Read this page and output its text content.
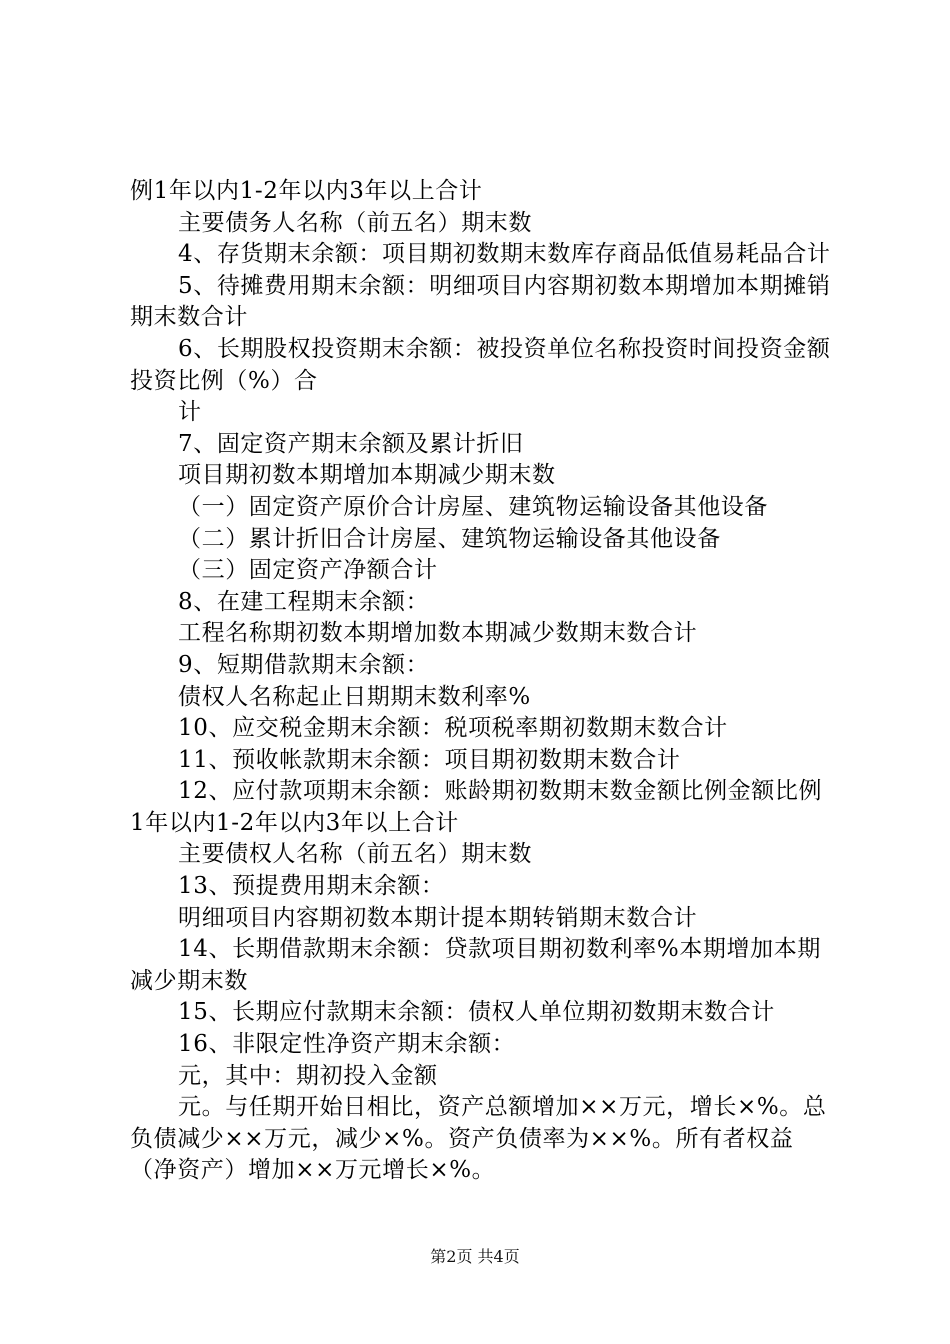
例1年以内1-2年以内3年以上合计

主要债务人名称（前五名）期末数

4、存货期末余额：项目期初数期末数库存商品低值易耗品合计

5、待摊费用期末余额：明细项目内容期初数本期增加本期摊销期末数合计

6、长期股权投资期末余额：被投资单位名称投资时间投资金额投资比例（%）合

计

7、固定资产期末余额及累计折旧

项目期初数本期增加本期减少期末数

（一）固定资产原价合计房屋、建筑物运输设备其他设备

（二）累计折旧合计房屋、建筑物运输设备其他设备

（三）固定资产净额合计

8、在建工程期末余额：

工程名称期初数本期增加数本期减少数期末数合计

9、短期借款期末余额：

债权人名称起止日期期末数利率%

10、应交税金期末余额：税项税率期初数期末数合计

11、预收帐款期末余额：项目期初数期末数合计

12、应付款项期末余额：账龄期初数期末数金额比例金额比例1年以内1-2年以内3年以上合计

主要债权人名称（前五名）期末数

13、预提费用期末余额：

明细项目内容期初数本期计提本期转销期末数合计

14、长期借款期末余额：贷款项目期初数利率%本期增加本期减少期末数

15、长期应付款期末余额：债权人单位期初数期末数合计

16、非限定性净资产期末余额：

元，其中：期初投入金额

元。与任期开始日相比，资产总额增加××万元，增长×%。总负债减少××万元，减少×%。资产负债率为××%。所有者权益（净资产）增加××万元增长×%。

第2页 共4页
